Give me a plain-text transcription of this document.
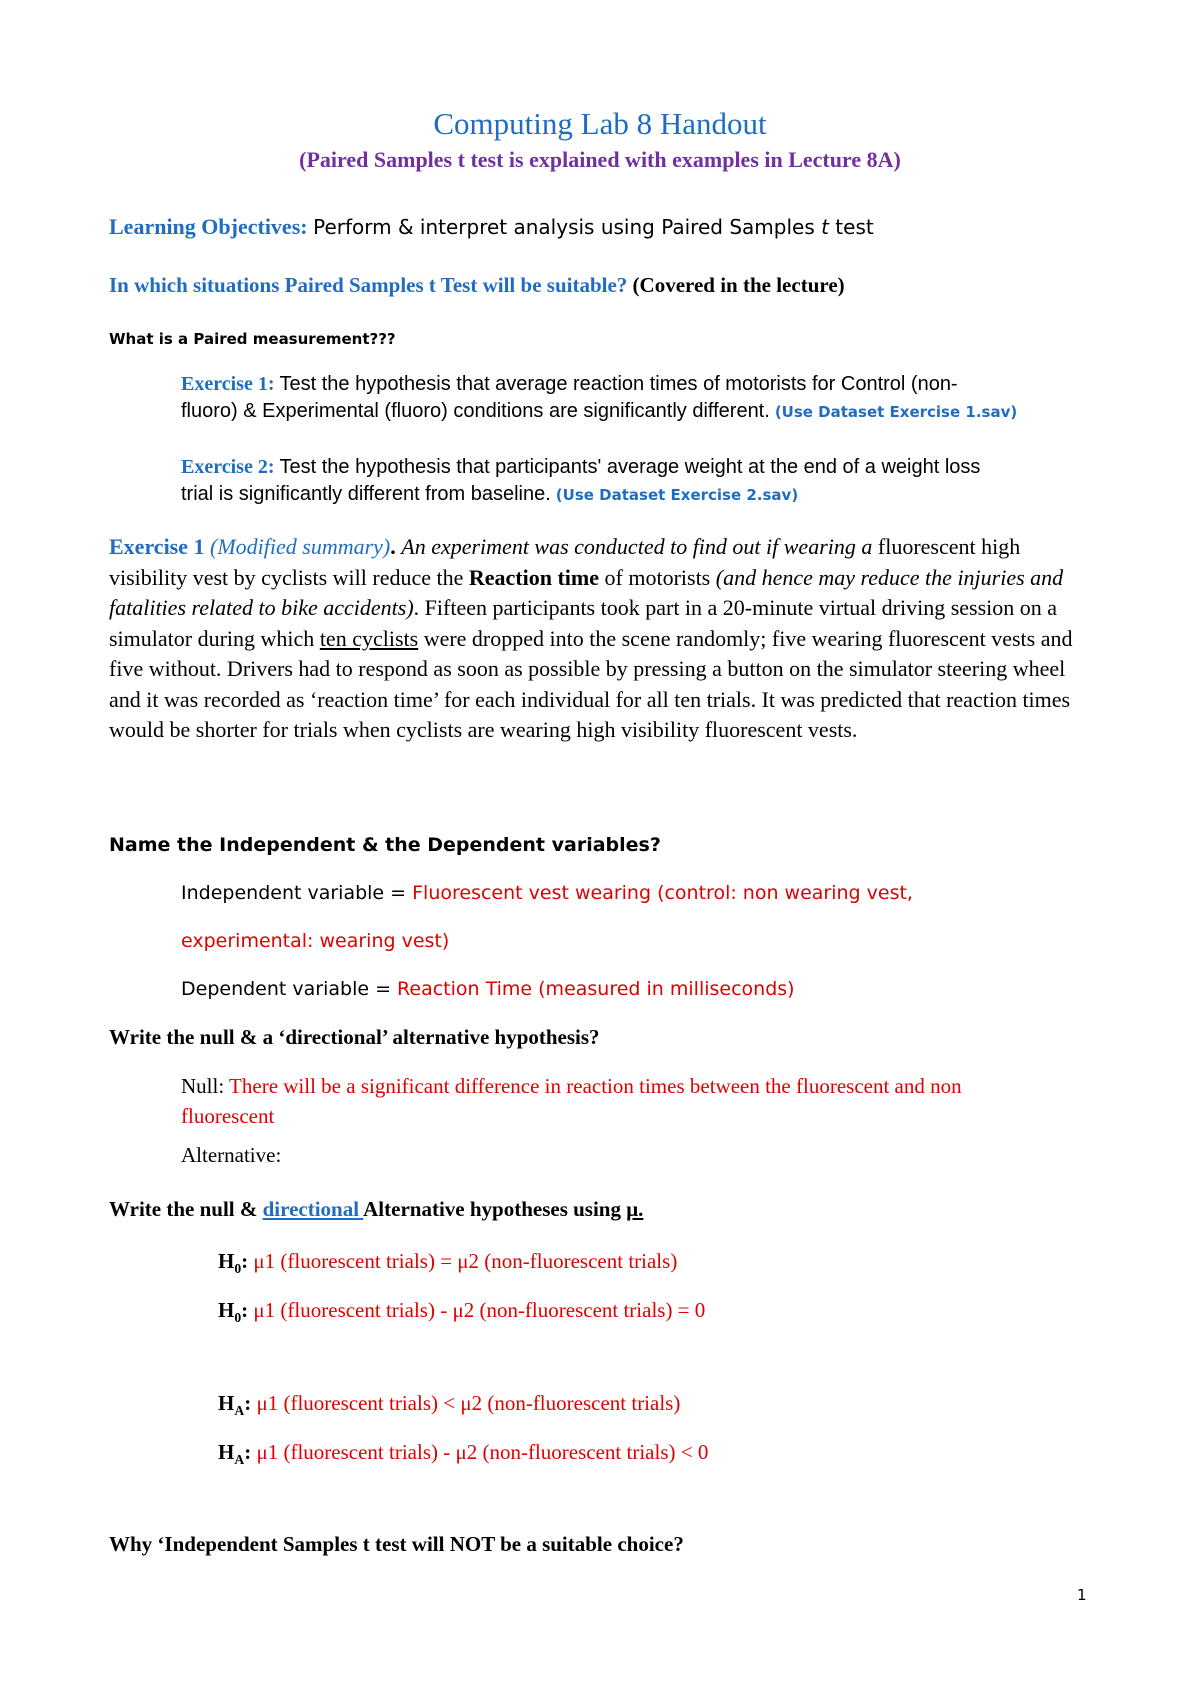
Computing Lab 8 Handout
(Paired Samples t test is explained with examples in Lecture 8A)
Learning Objectives: Perform & interpret analysis using Paired Samples t test
In which situations Paired Samples t Test will be suitable? (Covered in the lecture)
What is a Paired measurement???
Exercise 1: Test the hypothesis that average reaction times of motorists for Control (non-
fluoro) & Experimental (fluoro) conditions are significantly different. (Use Dataset Exercise 1.sav)
Exercise 2: Test the hypothesis that participants' average weight at the end of a weight loss
trial is significantly different from baseline. (Use Dataset Exercise 2.sav)
Exercise 1 (Modified summary). An experiment was conducted to find out if wearing a fluorescent high visibility vest by cyclists will reduce the Reaction time of motorists (and hence may reduce the injuries and fatalities related to bike accidents). Fifteen participants took part in a 20-minute virtual driving session on a simulator during which ten cyclists were dropped into the scene randomly; five wearing fluorescent vests and five without. Drivers had to respond as soon as possible by pressing a button on the simulator steering wheel and it was recorded as ‘reaction time’ for each individual for all ten trials. It was predicted that reaction times would be shorter for trials when cyclists are wearing high visibility fluorescent vests.
Name the Independent & the Dependent variables?
Independent variable = Fluorescent vest wearing (control: non wearing vest,
experimental: wearing vest)
Dependent variable = Reaction Time (measured in milliseconds)
Write the null & a ‘directional’ alternative hypothesis?
Null: There will be a significant difference in reaction times between the fluorescent and non
fluorescent
Alternative:
Write the null & directional Alternative hypotheses using μ.
$H_0$: μ1 (fluorescent trials) = μ2 (non-fluorescent trials)
$H_0$: μ1 (fluorescent trials) - μ2 (non-fluorescent trials) = 0
$H_A$: μ1 (fluorescent trials) < μ2 (non-fluorescent trials)
$H_A$: μ1 (fluorescent trials) - μ2 (non-fluorescent trials) < 0
Why ‘Independent Samples t test will NOT be a suitable choice?
1
